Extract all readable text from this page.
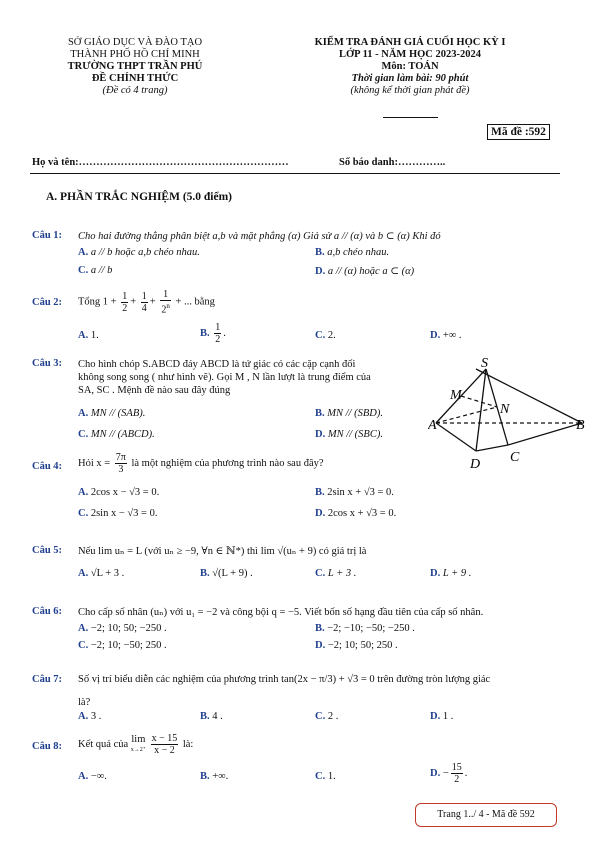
SỞ GIÁO DỤC VÀ ĐÀO TẠO
THÀNH PHỐ HỒ CHÍ MINH
TRƯỜNG THPT TRẦN PHÚ
ĐỀ CHÍNH THỨC
(Đề có 4 trang)
KIỂM TRA ĐÁNH GIÁ CUỐI HỌC KỲ I
LỚP 11 - NĂM HỌC 2023-2024
Môn: TOÁN
Thời gian làm bài: 90 phút
(không kể thời gian phát đề)
Mã đề :592
Họ và tên:……………………………………………………	Số báo danh:…………..
A. PHẦN TRẮC NGHIỆM (5.0 điểm)
Câu 1: Cho hai đường thẳng phân biệt a,b và mặt phẳng (α) Giả sử a // (α) và b ⊂ (α) Khi đó
A. a // b hoặc a,b chéo nhau.	B. a,b chéo nhau.
C. a // b	D. a // (α) hoặc a ⊂ (α)
Câu 2: Tổng $1 + \frac{1}{2} + \frac{1}{4} + \frac{1}{2^n}$ + ... bằng
A. 1.	B. $\frac{1}{2}$ .	C. 2.	D. +∞ .
Câu 3: Cho hình chóp S.ABCD đáy ABCD là tứ giác có các cặp cạnh đối
không song song ( như hình vẽ). Gọi M , N lần lượt là trung điểm của
SA, SC . Mệnh đề nào sau đây đúng
A. MN // (SAB).	B. MN // (SBD).
C. MN // (ABCD).	D. MN // (SBC).
S
M
N
A	B
C
D
Câu 4: Hỏi $x = \frac{7\pi}{3}$ là một nghiệm của phương trình nào sau đây?
A. 2cos x − √3 = 0.	B. 2sin x + √3 = 0.
C. 2sin x − √3 = 0.	D. 2cos x + √3 = 0.
Câu 5: Nếu lim uₙ = L (với uₙ ≥ −9, ∀n ∈ ℕ*) thì lim √(uₙ + 9) có giá trị là
A. √L + 3 .	B. √(L + 9) .	C. L + 3 .	D. L + 9 .
Câu 6: Cho cấp số nhân (uₙ) với u₁ = −2 và công bội q = −5. Viết bốn số hạng đầu tiên của cấp số nhân.
A. −2; 10; 50; −250 .	B. −2; −10; −50; −250 .
C. −2; 10; −50; 250 .	D. −2; 10; 50; 250 .
Câu 7: Số vị trí biểu diễn các nghiệm của phương trình tan(2x − π/3) + √3 = 0 trên đường tròn lượng giác
là?
A. 3 .	B. 4 .	C. 2 .	D. 1 .
Câu 8: Kết quả của lim
$x\to 2^+ \frac{x - 15}{x - 2}$ là:
A. −∞.	B. +∞.	C. 1.	D. − $\frac{15}{2}$ .
Trang 1../ 4 - Mã đề 592
